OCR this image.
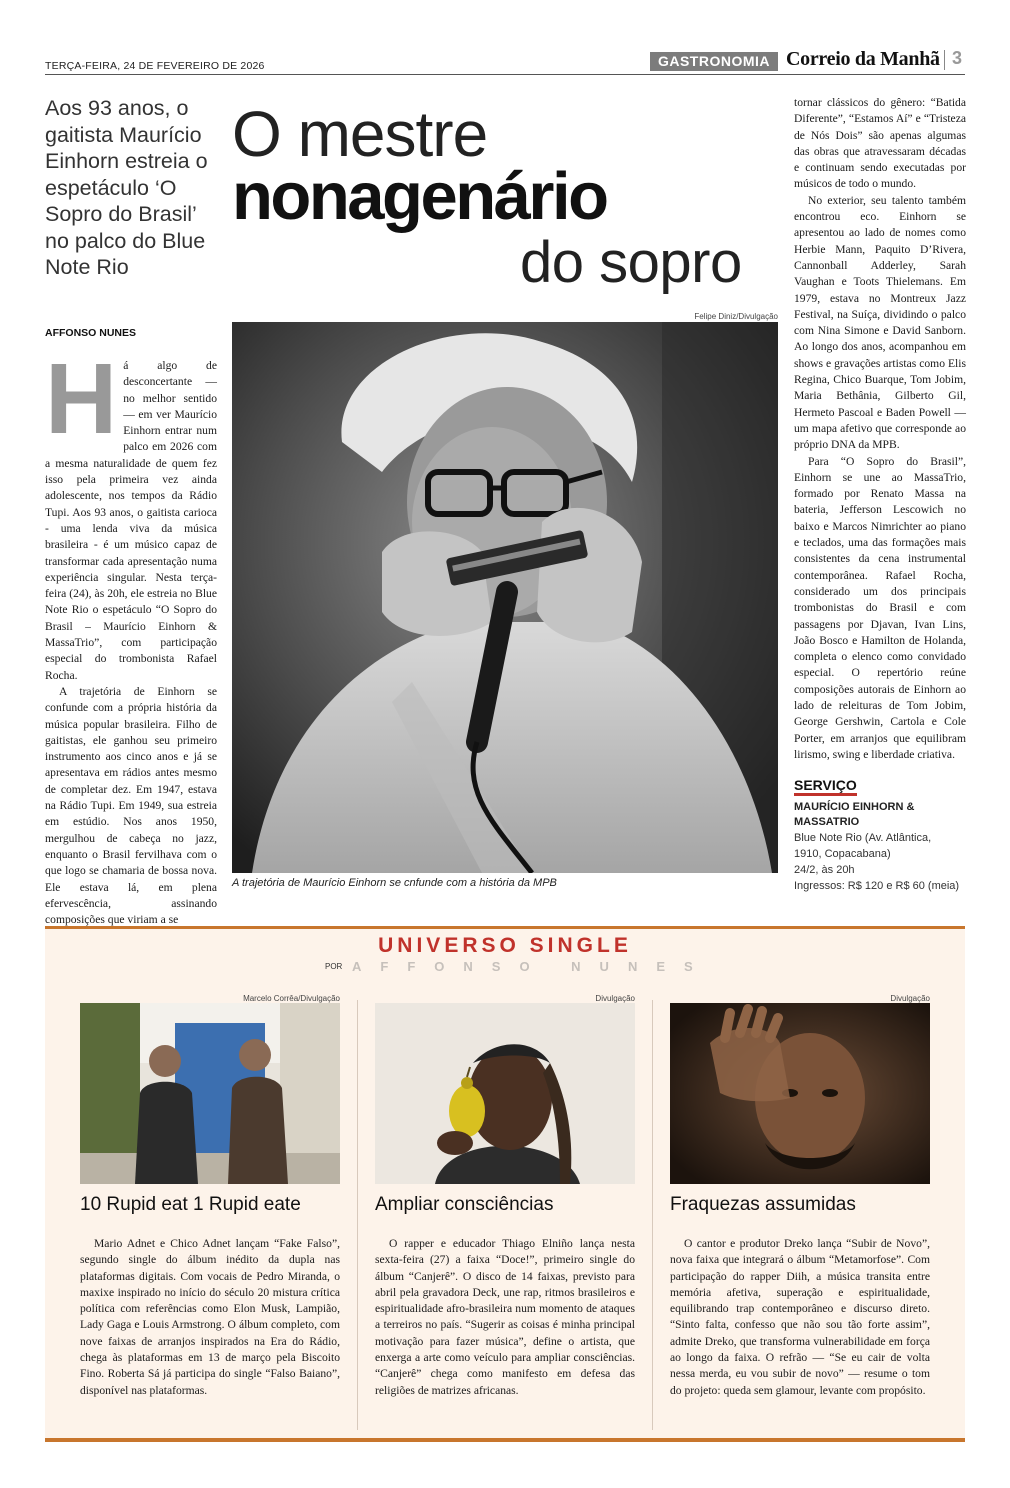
TERÇA-FEIRA, 24 DE FEVEREIRO DE 2026	GASTRONOMIA Correio da Manhã 3
Aos 93 anos, o gaitista Maurício Einhorn estreia o espetáculo ‘O Sopro do Brasil’ no palco do Blue Note Rio
O mestre
nonagenário
do sopro
AFFONSO NUNES
H á algo de desconcertante — no melhor sentido — em ver Maurício Einhorn entrar num palco em 2026 com a mesma naturalidade de quem fez isso pela primeira vez ainda adolescente, nos tempos da Rádio Tupi. Aos 93 anos, o gaitista carioca - uma lenda viva da música brasileira - é um músico capaz de transformar cada apresentação numa experiência singular. Nesta terça-feira (24), às 20h, ele estreia no Blue Note Rio o espetáculo “O Sopro do Brasil – Maurício Einhorn & MassaTrio”, com participação especial do trombonista Rafael Rocha.

A trajetória de Einhorn se confunde com a própria história da música popular brasileira. Filho de gaitistas, ele ganhou seu primeiro instrumento aos cinco anos e já se apresentava em rádios antes mesmo de completar dez. Em 1947, estava na Rádio Tupi. Em 1949, sua estreia em estúdio. Nos anos 1950, mergulhou de cabeça no jazz, enquanto o Brasil fervilhava com o que logo se chamaria de bossa nova. Ele estava lá, em plena efervescência, assinando composições que viriam a se

Felipe Diniz/Divulgação
A trajetória de Maurício Einhorn se cnfunde com a história da MPB

tornar clássicos do gênero: “Batida Diferente”, “Estamos Aí” e “Tristeza de Nós Dois” são apenas algumas das obras que atravessaram décadas e continuam sendo executadas por músicos de todo o mundo.

No exterior, seu talento também encontrou eco. Einhorn se apresentou ao lado de nomes como Herbie Mann, Paquito D’Rivera, Cannonball Adderley, Sarah Vaughan e Toots Thielemans. Em 1979, estava no Montreux Jazz Festival, na Suíça, dividindo o palco com Nina Simone e David Sanborn. Ao longo dos anos, acompanhou em shows e gravações artistas como Elis Regina, Chico Buarque, Tom Jobim, Maria Bethânia, Gilberto Gil, Hermeto Pascoal e Baden Powell — um mapa afetivo que corresponde ao próprio DNA da MPB.

Para “O Sopro do Brasil”, Einhorn se une ao MassaTrio, formado por Renato Massa na bateria, Jefferson Lescowich no baixo e Marcos Nimrichter ao piano e teclados, uma das formações mais consistentes da cena instrumental contemporânea. Rafael Rocha, considerado um dos principais trombonistas do Brasil e com passagens por Djavan, Ivan Lins, João Bosco e Hamilton de Holanda, completa o elenco como convidado especial. O repertório reúne composições autorais de Einhorn ao lado de releituras de Tom Jobim, George Gershwin, Cartola e Cole Porter, em arranjos que equilibram lirismo, swing e liberdade criativa.

SERVIÇO
MAURÍCIO EINHORN &
MASSATRIO
Blue Note Rio (Av. Atlântica,
1910, Copacabana)
24/2, às 20h
Ingressos: R$ 120 e R$ 60 (meia)
UNIVERSO SINGLE
POR AFFONSO NUNES
Marcelo Corrêa/Divulgação
10 Rupid eat 1 Rupid eate
Mario Adnet e Chico Adnet lançam “Fake Falso”, segundo single do álbum inédito da dupla nas plataformas digitais. Com vocais de Pedro Miranda, o maxixe inspirado no início do século 20 mistura crítica política com referências como Elon Musk, Lampião, Lady Gaga e Louis Armstrong. O álbum completo, com nove faixas de arranjos inspirados na Era do Rádio, chega às plataformas em 13 de março pela Biscoito Fino. Roberta Sá já participa do single “Falso Baiano”, disponível nas plataformas.
Divulgação
Ampliar consciências
O rapper e educador Thiago Elniño lança nesta sexta-feira (27) a faixa “Doce!”, primeiro single do álbum “Canjerê”. O disco de 14 faixas, previsto para abril pela gravadora Deck, une rap, ritmos brasileiros e espiritualidade afro-brasileira num momento de ataques a terreiros no país. “Sugerir as coisas é minha principal motivação para fazer música”, define o artista, que enxerga a arte como veículo para ampliar consciências. “Canjerê” chega como manifesto em defesa das religiões de matrizes africanas.
Divulgação
Fraquezas assumidas
O cantor e produtor Dreko lança “Subir de Novo”, nova faixa que integrará o álbum “Metamorfose”. Com participação do rapper Diih, a música transita entre memória afetiva, superação e espiritualidade, equilibrando trap contemporâneo e discurso direto. “Sinto falta, confesso que não sou tão forte assim”, admite Dreko, que transforma vulnerabilidade em força ao longo da faixa. O refrão — “Se eu cair de volta nessa merda, eu vou subir de novo” — resume o tom do projeto: queda sem glamour, levante com propósito.
